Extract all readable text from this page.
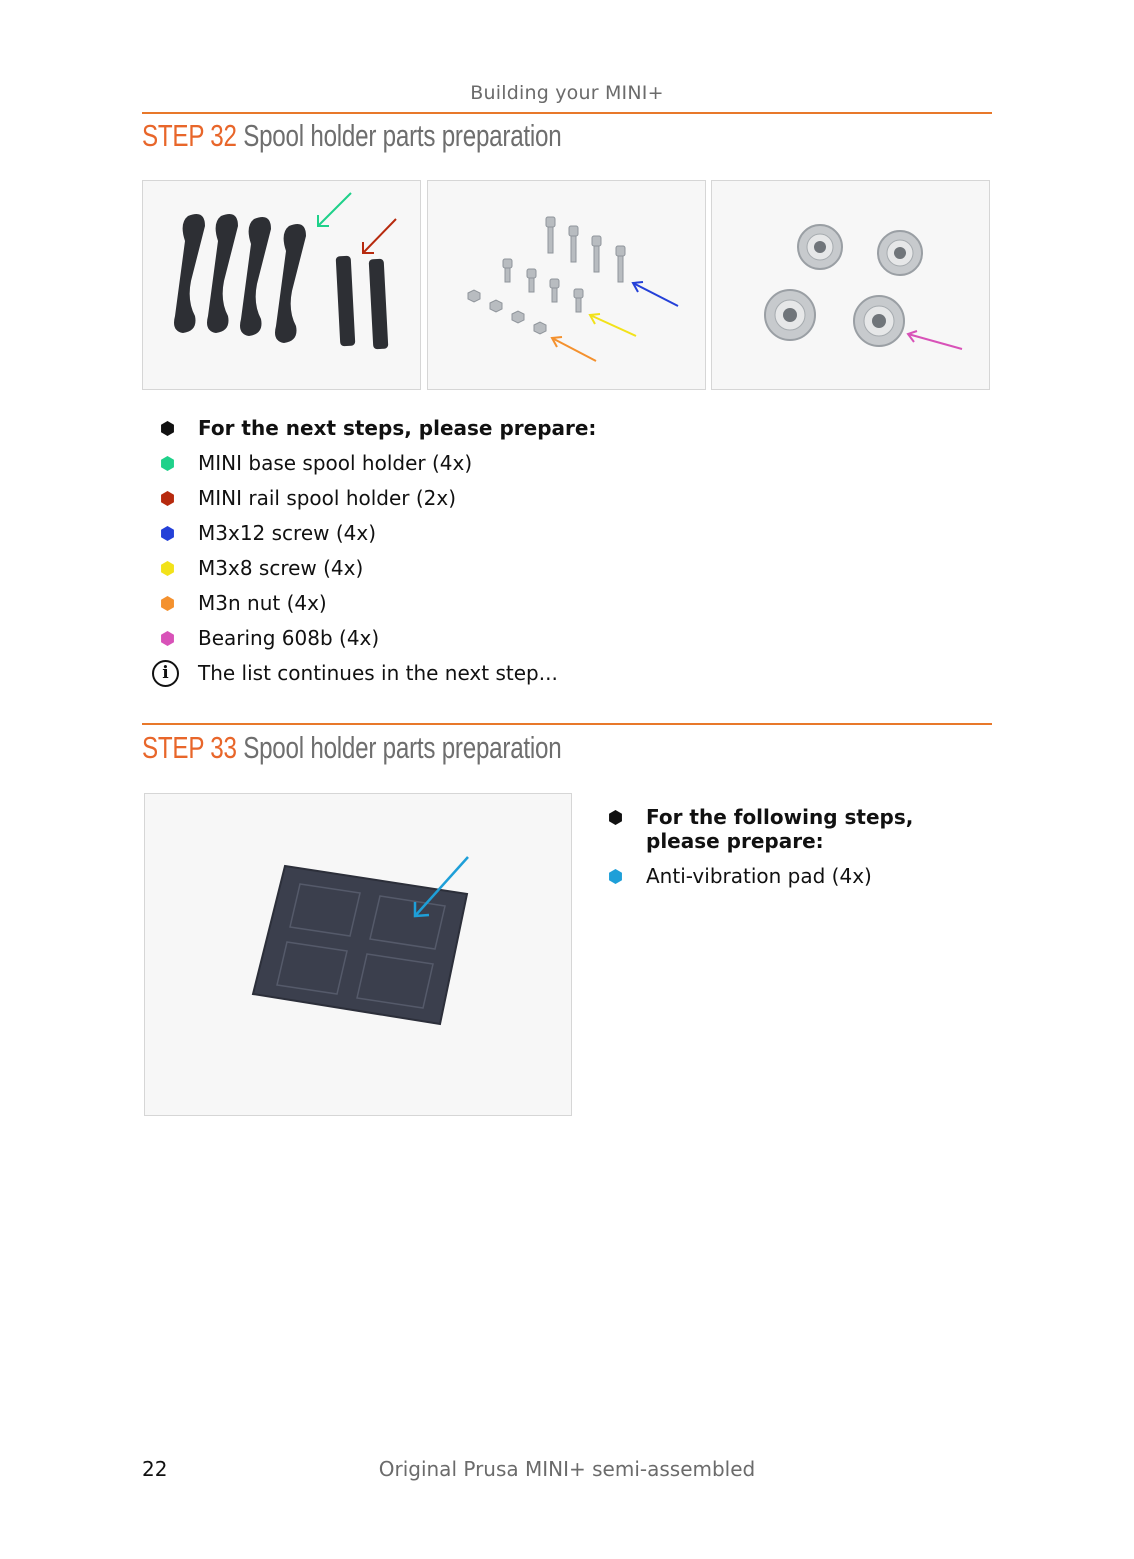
Building your MINI+
STEP 32 Spool holder parts preparation
For the next steps, please prepare:
MINI base spool holder (4x)
MINI rail spool holder (2x)
M3x12 screw (4x)
M3x8 screw (4x)
M3n nut (4x)
Bearing 608b (4x)
i	The list continues in the next step...
STEP 33 Spool holder parts preparation
For the following steps, please prepare:
Anti-vibration pad (4x)
22	Original Prusa MINI+ semi-assembled
